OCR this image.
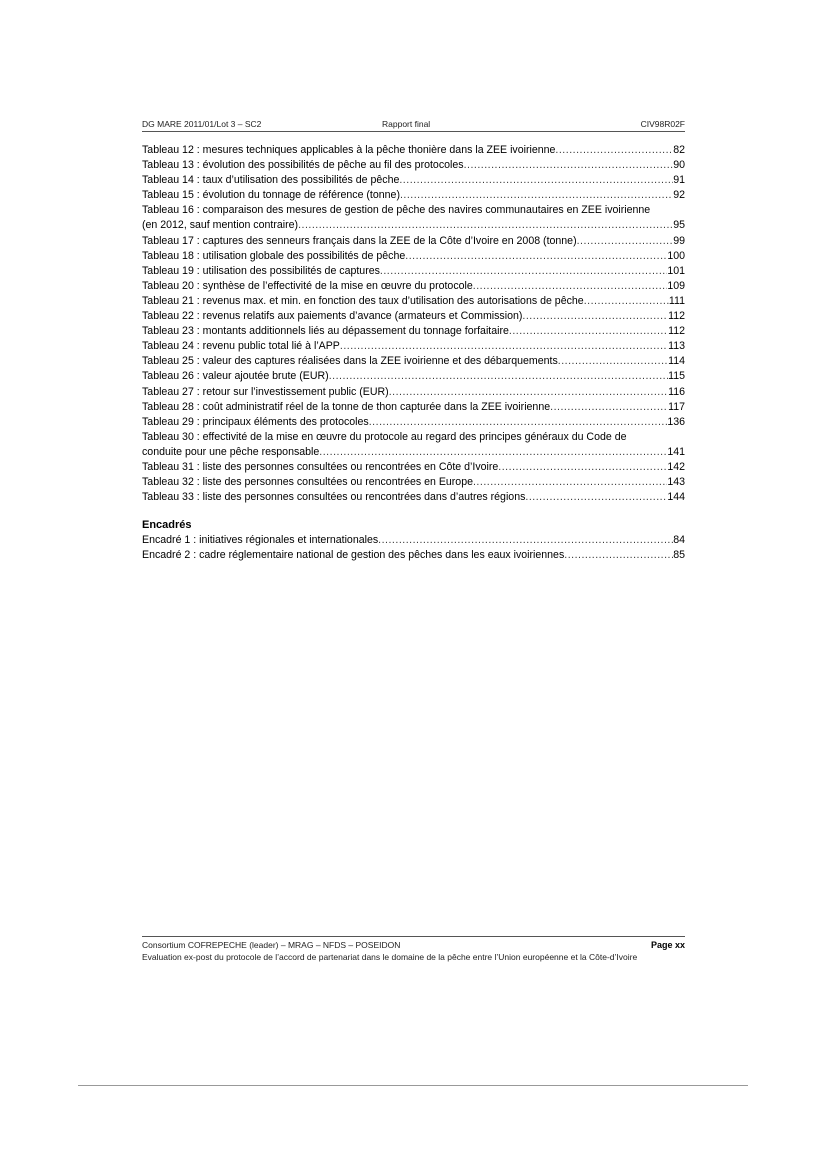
DG MARE 2011/01/Lot 3 – SC2	Rapport final	CIV98R02F
Tableau 12 : mesures techniques applicables à la pêche thonière dans la ZEE ivoirienne .....	82
Tableau 13 : évolution des possibilités de pêche au fil des protocoles .....	90
Tableau 14 : taux d’utilisation des possibilités de pêche .....	91
Tableau 15 : évolution du tonnage de référence (tonne) .....	92
Tableau 16 : comparaison des mesures de gestion de pêche des navires communautaires en ZEE ivoirienne
(en 2012, sauf mention contraire) .....	95
Tableau 17 : captures des senneurs français dans la ZEE de la Côte d’Ivoire en 2008 (tonne) .....	99
Tableau 18 : utilisation globale des possibilités de pêche .....	100
Tableau 19 : utilisation des possibilités de captures .....	101
Tableau 20 : synthèse de l’effectivité de la mise en œuvre du protocole .....	109
Tableau 21 : revenus max. et min. en fonction des taux d’utilisation des autorisations de pêche .....	111
Tableau 22 : revenus relatifs aux paiements d’avance (armateurs et Commission) .....	112
Tableau 23 : montants additionnels liés au dépassement du tonnage forfaitaire .....	112
Tableau 24 : revenu public total lié à l’APP .....	113
Tableau 25 : valeur des captures réalisées dans la ZEE ivoirienne et des débarquements .....	114
Tableau 26 : valeur ajoutée brute (EUR) .....	115
Tableau 27 : retour sur l’investissement public (EUR) .....	116
Tableau 28 : coût administratif réel de la tonne de thon capturée dans la ZEE ivoirienne .....	117
Tableau 29 : principaux éléments des protocoles .....	136
Tableau 30 : effectivité de la mise en œuvre du protocole au regard des principes généraux du Code de
conduite pour une pêche responsable .....	141
Tableau 31 : liste des personnes consultées ou rencontrées en Côte d’Ivoire .....	142
Tableau 32 : liste des personnes consultées ou rencontrées en Europe .....	143
Tableau 33 : liste des personnes consultées ou rencontrées dans d’autres régions .....	144
Encadrés
Encadré 1 : initiatives régionales et internationales .....	84
Encadré 2 : cadre réglementaire national de gestion des pêches dans les eaux ivoiriennes .....	85
Consortium COFREPECHE (leader) – MRAG – NFDS – POSEIDON	Page xx
Evaluation ex-post du protocole de l’accord de partenariat dans le domaine de la pêche entre l’Union européenne et la Côte-d’Ivoire
